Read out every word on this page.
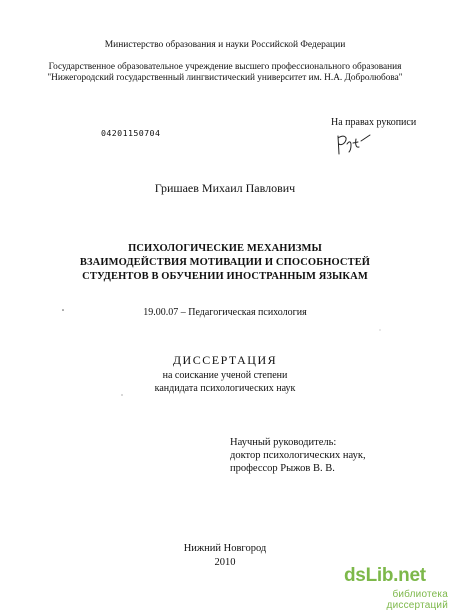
Министерство образования и науки Российской Федерации
Государственное образовательное учреждение высшего профессионального образования
"Нижегородский государственный лингвистический университет им. Н.А. Добролюбова"
На правах рукописи
04201150704
Гришаев Михаил Павлович
ПСИХОЛОГИЧЕСКИЕ МЕХАНИЗМЫ
ВЗАИМОДЕЙСТВИЯ МОТИВАЦИИ И СПОСОБНОСТЕЙ
СТУДЕНТОВ В ОБУЧЕНИИ ИНОСТРАННЫМ ЯЗЫКАМ
19.00.07 – Педагогическая психология
ДИССЕРТАЦИЯ
на соискание ученой степени
кандидата психологических наук
Научный руководитель:
доктор психологических наук,
профессор Рыжов В. В.
Нижний Новгород
2010
dsLib.net
библиотека диссертаций
